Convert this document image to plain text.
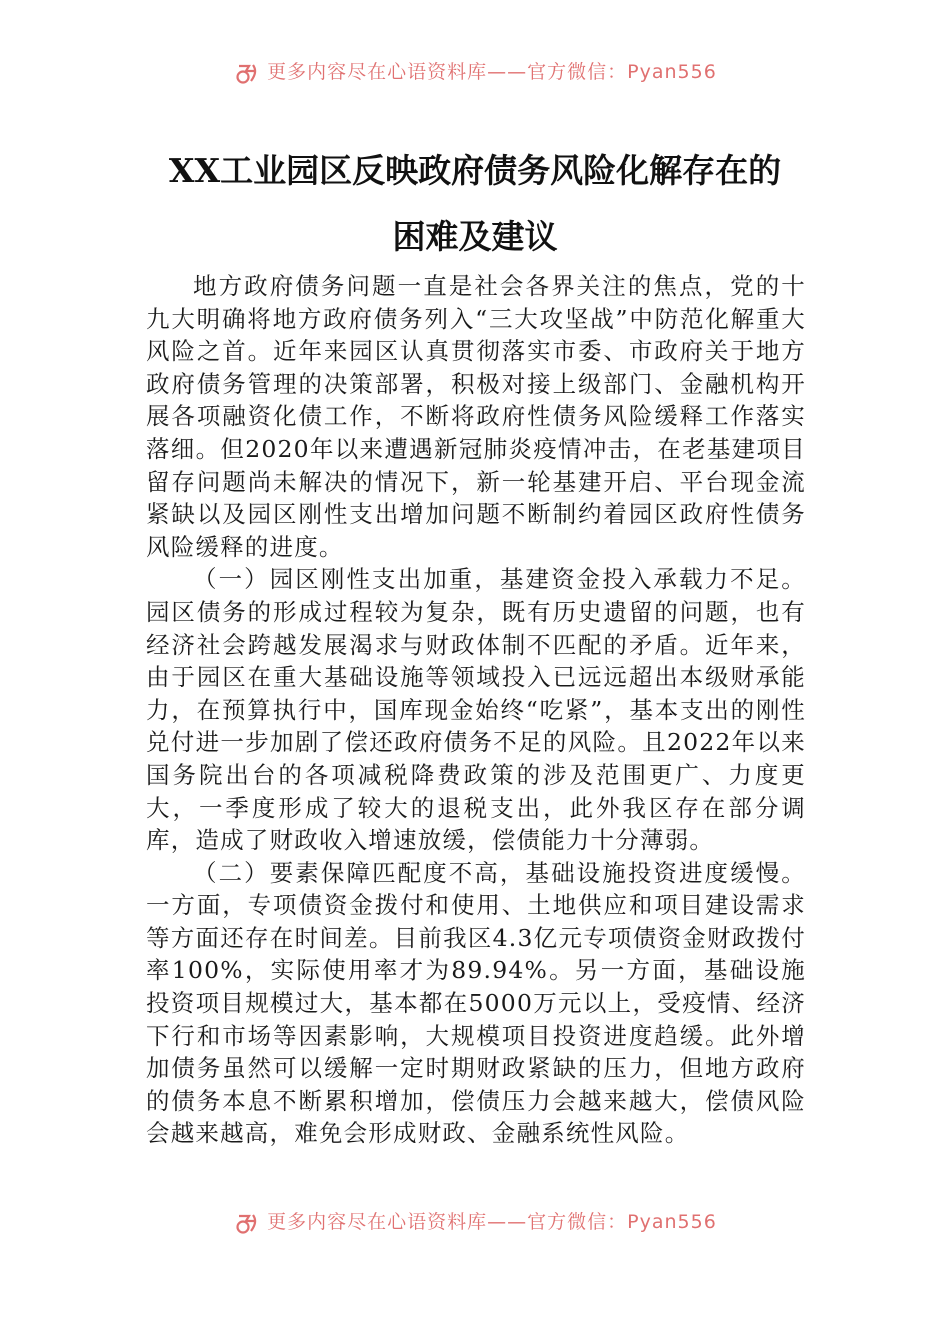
更多内容尽在心语资料库——官方微信：Pyan556
XX工业园区反映政府债务风险化解存在的
困难及建议

地方政府债务问题一直是社会各界关注的焦点，党的十九大明确将地方政府债务列入“三大攻坚战”中防范化解重大风险之首。近年来园区认真贯彻落实市委、市政府关于地方政府债务管理的决策部署，积极对接上级部门、金融机构开展各项融资化债工作，不断将政府性债务风险缓释工作落实落细。但2020年以来遭遇新冠肺炎疫情冲击，在老基建项目留存问题尚未解决的情况下，新一轮基建开启、平台现金流紧缺以及园区刚性支出增加问题不断制约着园区政府性债务风险缓释的进度。

（一）园区刚性支出加重，基建资金投入承载力不足。园区债务的形成过程较为复杂，既有历史遗留的问题，也有经济社会跨越发展渴求与财政体制不匹配的矛盾。近年来，由于园区在重大基础设施等领域投入已远远超出本级财承能力，在预算执行中，国库现金始终“吃紧”，基本支出的刚性兑付进一步加剧了偿还政府债务不足的风险。且2022年以来国务院出台的各项减税降费政策的涉及范围更广、力度更大，一季度形成了较大的退税支出，此外我区存在部分调库，造成了财政收入增速放缓，偿债能力十分薄弱。

（二）要素保障匹配度不高，基础设施投资进度缓慢。一方面，专项债资金拨付和使用、土地供应和项目建设需求等方面还存在时间差。目前我区4.3亿元专项债资金财政拨付率100%，实际使用率才为89.94%。另一方面，基础设施投资项目规模过大，基本都在5000万元以上，受疫情、经济下行和市场等因素影响，大规模项目投资进度趋缓。此外增加债务虽然可以缓解一定时期财政紧缺的压力，但地方政府的债务本息不断累积增加，偿债压力会越来越大，偿债风险会越来越高，难免会形成财政、金融系统性风险。

更多内容尽在心语资料库——官方微信：Pyan556
